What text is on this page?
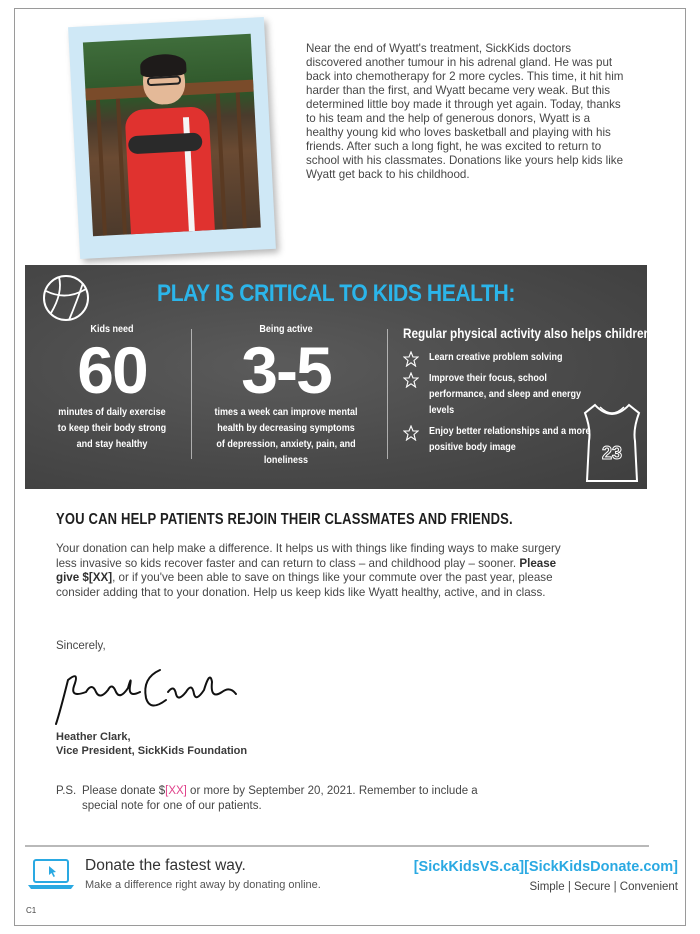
Near the end of Wyatt's treatment, SickKids doctors discovered another tumour in his adrenal gland. He was put back into chemotherapy for 2 more cycles. This time, it hit him harder than the first, and Wyatt became very weak. But this determined little boy made it through yet again. Today, thanks to his team and the help of generous donors, Wyatt is a healthy young kid who loves basketball and playing with his friends. After such a long fight, he was excited to return to school with his classmates. Donations like yours help kids like Wyatt get back to his childhood.
PLAY IS CRITICAL TO KIDS HEALTH:
Kids need
60
minutes of daily exercise to keep their body strong and stay healthy
Being active
3-5
times a week can improve mental health by decreasing symptoms of depression, anxiety, pain, and loneliness
Regular physical activity also helps children:
Learn creative problem solving
Improve their focus, school performance, and sleep and energy levels
Enjoy better relationships and a more positive body image	23
YOU CAN HELP PATIENTS REJOIN THEIR CLASSMATES AND FRIENDS.
Your donation can help make a difference. It helps us with things like finding ways to make surgery less invasive so kids recover faster and can return to class – and childhood play – sooner. Please give $[XX], or if you've been able to save on things like your commute over the past year, please consider adding that to your donation. Help us keep kids like Wyatt healthy, active, and in class.
Sincerely,
Heather Clark,
Vice President, SickKids Foundation
P.S. Please donate $[XX] or more by September 20, 2021. Remember to include a
special note for one of our patients.
Donate the fastest way.
Make a difference right away by donating online.
[SickKidsVS.ca][SickKidsDonate.com]
Simple | Secure | Convenient
C1
